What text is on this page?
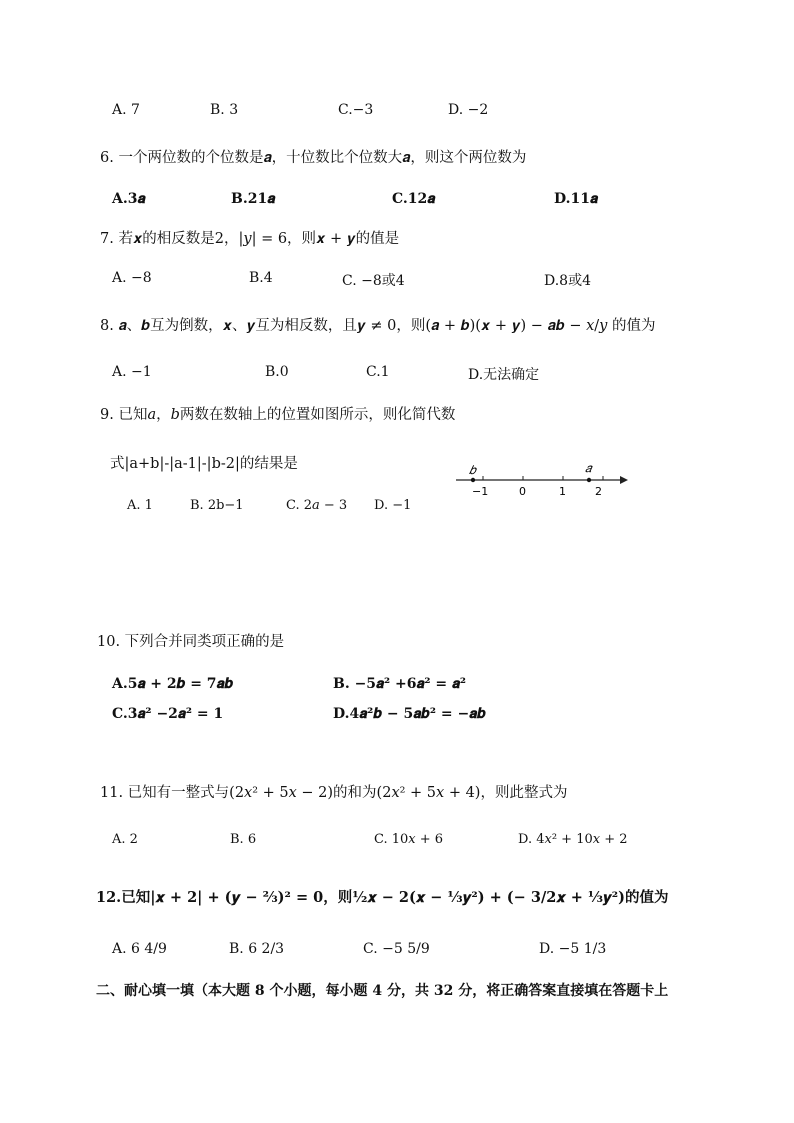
A. 7	B. 3	C.−3	D. −2
6. 一个两位数的个位数是𝒂，十位数比个位数大𝒂，则这个两位数为
A.3𝒂	B.21𝒂	C.12𝒂	D.11𝒂
7. 若𝒙的相反数是2，|𝑦| = 6，则𝒙 + 𝒚的值是
A. −8	B.4	C. −8或4	D.8或4
8. 𝒂、𝒃互为倒数，𝒙、𝒚互为相反数，且𝒚 ≠ 0，则(𝒂 + 𝒃)(𝒙 + 𝒚) − 𝒂𝒃 − 𝑥/𝑦 的值为
A. −1	B.0	C.1	D.无法确定
9. 已知𝑎，𝑏两数在数轴上的位置如图所示，则化简代数
式|a+b|-|a-1|-|b-2|的结果是
A. 1	B. 2b−1	C. 2𝑎 − 3 D. −1
𝑏	𝑎
−1	0	1	2
10. 下列合并同类项正确的是
A.5𝒂 + 2𝒃 = 7𝒂𝒃	B. −5𝒂² +6𝒂² = 𝒂²
C.3𝒂² −2𝒂² = 1	D.4𝒂²𝒃 − 5𝒂𝒃² = −𝒂𝒃
11. 已知有一整式与(2𝑥² + 5𝑥 − 2)的和为(2𝑥² + 5𝑥 + 4)，则此整式为
A. 2	B. 6	C. 10𝑥 + 6	D. 4𝑥² + 10𝑥 + 2
12.已知|𝒙 + 2| + (𝒚 − ⅔)² = 0，则½𝒙 − 2(𝒙 − ⅓𝒚²) + (− 3/2𝒙 + ⅓𝒚²)的值为
A. 6 4/9	B. 6 2/3	C. −5 5/9	D. −5 1/3
二、耐心填一填（本大题 8 个小题，每小题 4 分，共 32 分，将正确答案直接填在答题卡上
